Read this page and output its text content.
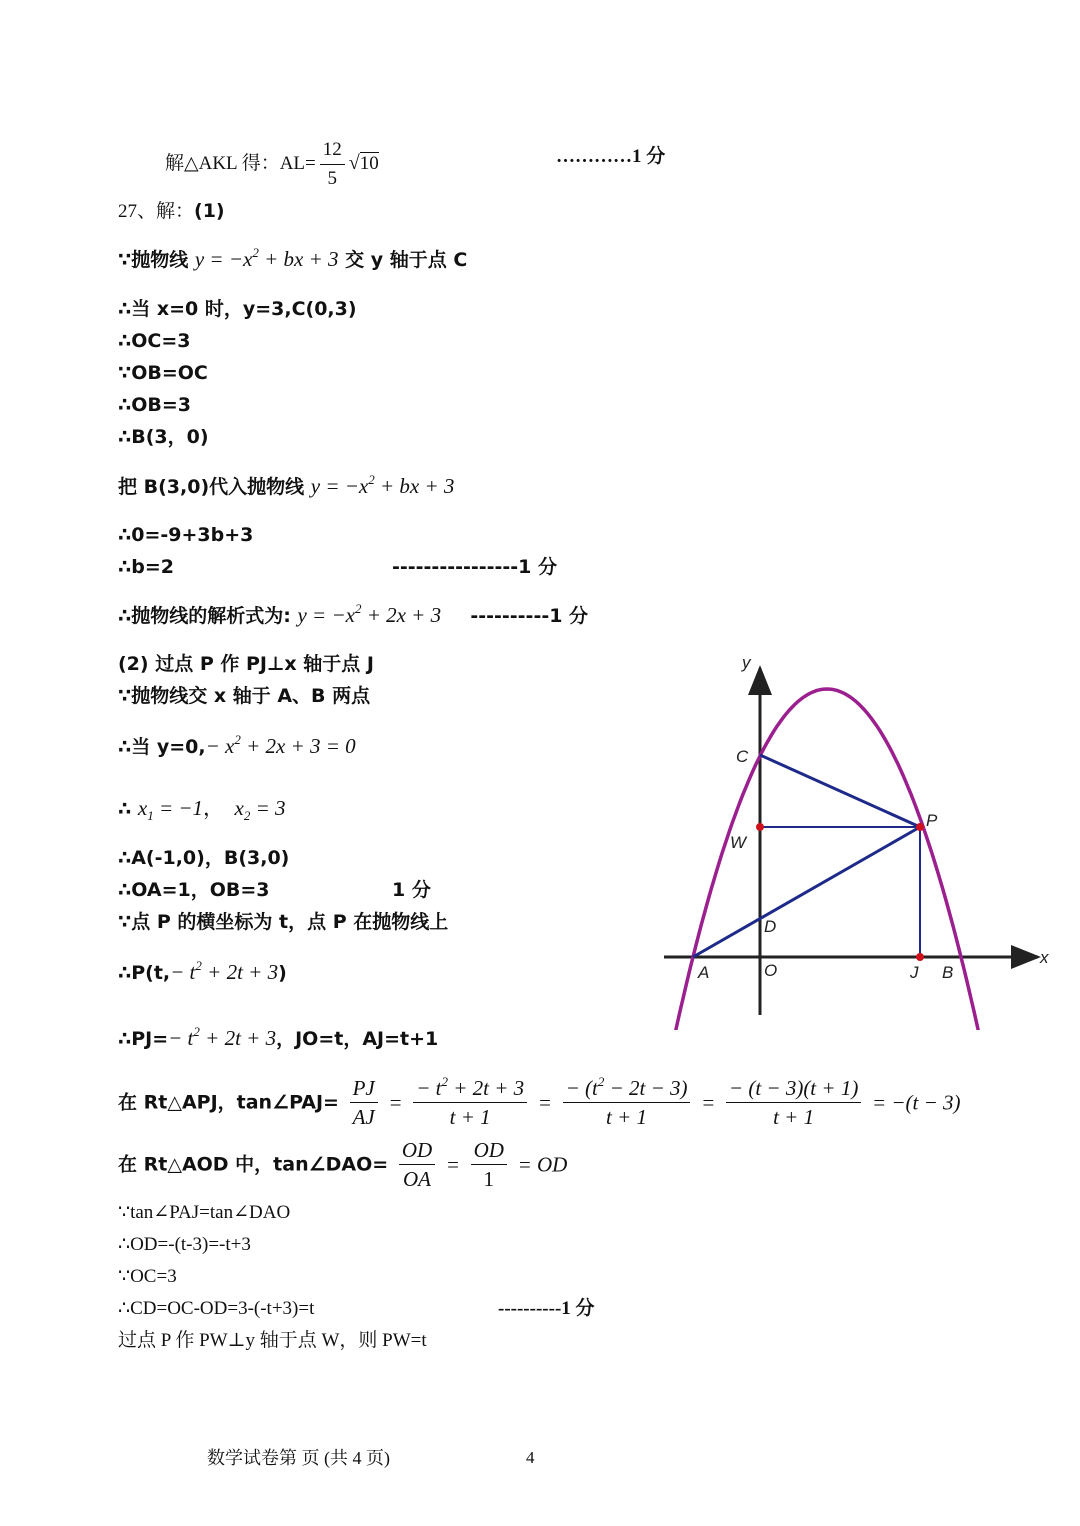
解△AKL 得：$AL= \frac{12}{5} √10$	…………1 分
27、解：(1)
∵抛物线 $y = -x^2$ + bx + 3 交 y 轴于点 C
∴当 x=0 时，y=3,C(0,3)
∴OC=3
∵OB=OC
∴OB=3
∴B(3，0)
把 B(3,0)代入抛物线 $y = -x^2$ + bx + 3
∴0=-9+3b+3
∴b=2	----------------1 分
∴抛物线的解析式为: $y = -x^2 + 2x + 3$ ----------1 分
(2) 过点 P 作 PJ⊥x 轴于点 J
∵抛物线交 x 轴于 A、B 两点
∴当 $y=0,- x^2 + 2x + 3 = 0$
∴ $x_1 = -1$，  $x_2 = 3$
∴A(-1,0)，B(3,0)
∴OA=1，OB=3	1 分
∵点 P 的横坐标为 t，点 P 在抛物线上
∴P(t,− $t^2 + 2t + 3$)
∴PJ=− $t^2 + 2t + 3$，JO=t，AJ=t+1
在 Rt△APJ，tan∠PAJ= $\frac{PJ}{AJ} = \frac{- t^2 + 2t + 3}{t + 1} = \frac{- (t^2 - 2t - 3)}{t + 1} = \frac{- (t - 3)(t + 1)}{t + 1} = -(t - 3)$
在 Rt△AOD 中，tan∠DAO= $\frac{OD}{OA} = \frac{OD}{1}$ = OD
∵tan∠PAJ=tan∠DAO
∴OD=-(t-3)=-t+3
∵OC=3
∴CD=OC-OD=3-(-t+3)=t	----------1 分
过点 P 作 PW⊥y 轴于点 W，则 PW=t
y
x
C
W
P
D
A	O	J B
数学试卷第 页 (共 4 页)	4
